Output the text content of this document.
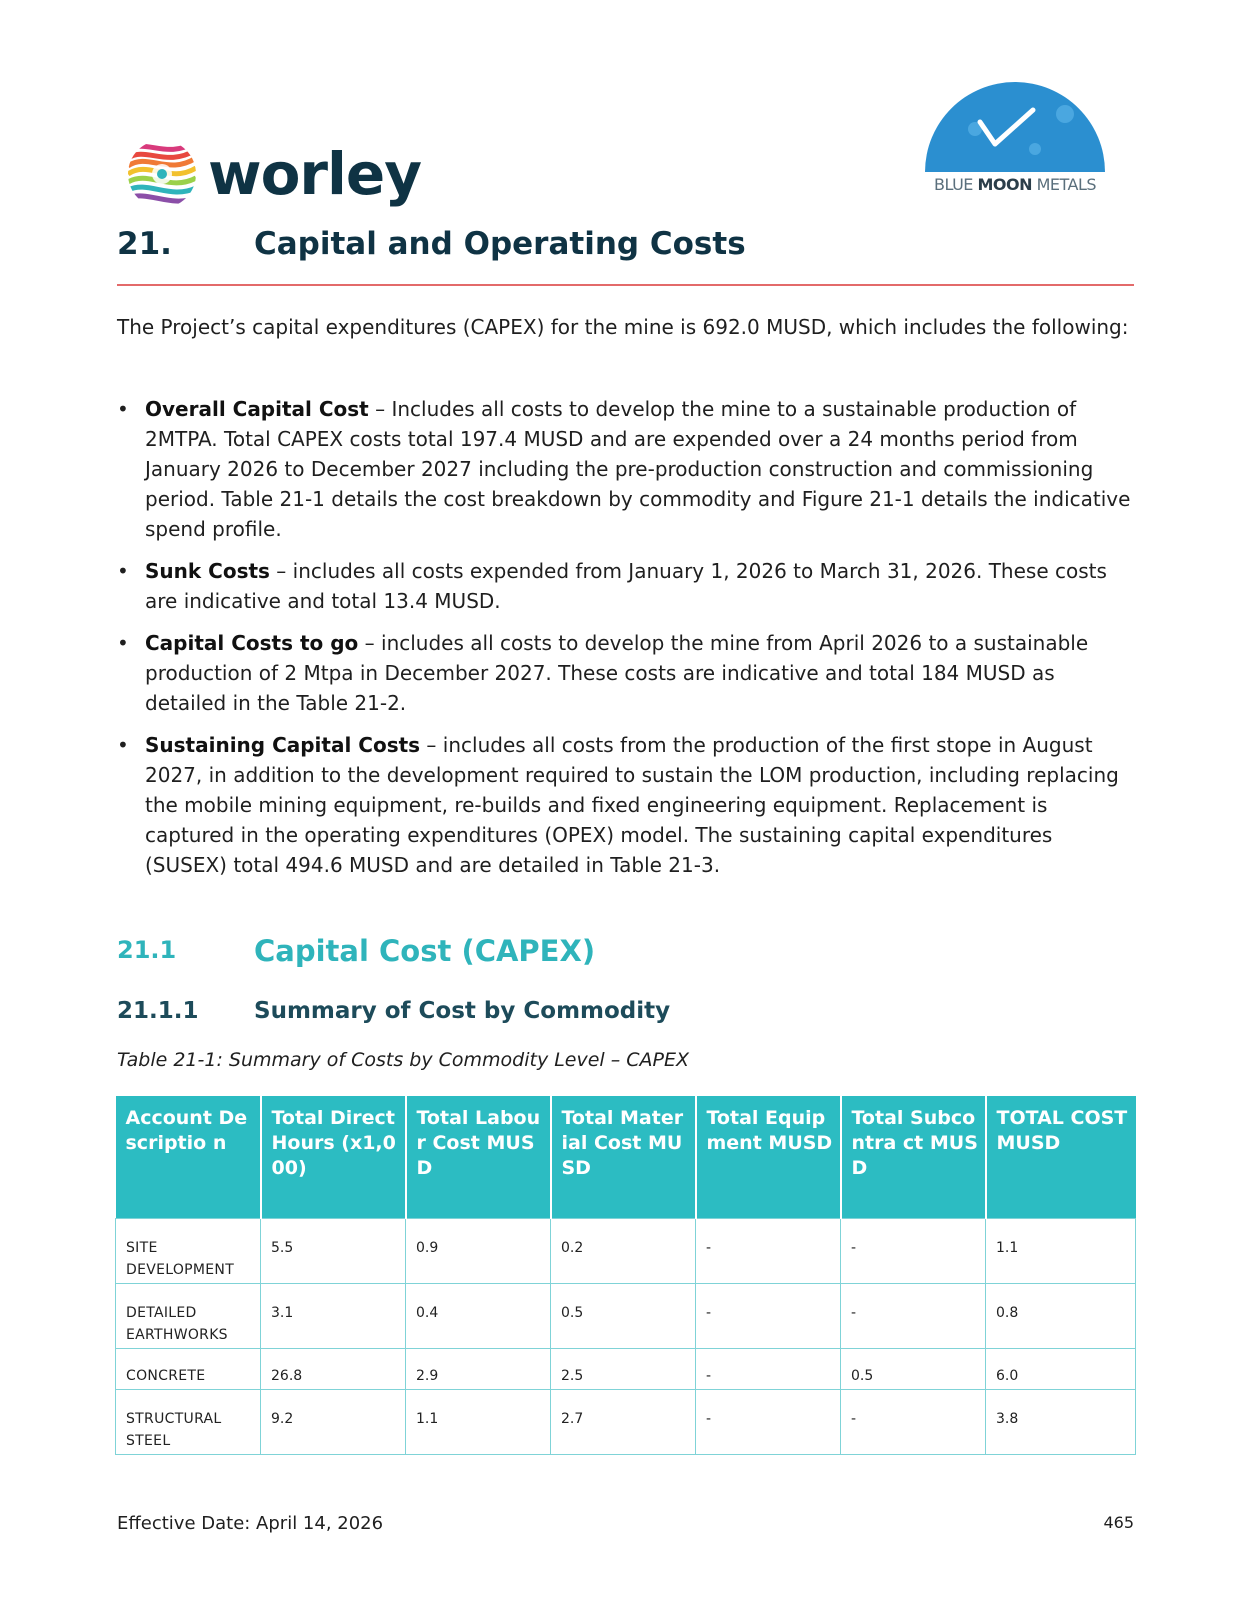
worley	BLUE MOON METALS
21.	Capital and Operating Costs
The Project’s capital expenditures (CAPEX) for the mine is 692.0 MUSD, which includes the following:
• Overall Capital Cost – Includes all costs to develop the mine to a sustainable production of 2MTPA. Total CAPEX costs total 197.4 MUSD and are expended over a 24 months period from January 2026 to December 2027 including the pre-production construction and commissioning period. Table 21-1 details the cost breakdown by commodity and Figure 21-1 details the indicative spend profile.
• Sunk Costs – includes all costs expended from January 1, 2026 to March 31, 2026. These costs are indicative and total 13.4 MUSD.
• Capital Costs to go – includes all costs to develop the mine from April 2026 to a sustainable production of 2 Mtpa in December 2027. These costs are indicative and total 184 MUSD as detailed in the Table 21-2.
• Sustaining Capital Costs – includes all costs from the production of the first stope in August 2027, in addition to the development required to sustain the LOM production, including replacing the mobile mining equipment, re-builds and fixed engineering equipment. Replacement is captured in the operating expenditures (OPEX) model. The sustaining capital expenditures (SUSEX) total 494.6 MUSD and are detailed in Table 21-3.
21.1	Capital Cost (CAPEX)
21.1.1 Summary of Cost by Commodity
Table 21-1: Summary of Costs by Commodity Level – CAPEX
Account Descriptio n	Total Direct Hours (x1,000)	Total Labour Cost MUSD	Total Material Cost MUSD	Total Equipment MUSD	Total Subcontra ct MUSD	TOTAL COST MUSD
SITE DEVELOPMENT	5.5	0.9	0.2	-	-	1.1
DETAILED EARTHWORKS	3.1	0.4	0.5	-	-	0.8
CONCRETE	26.8	2.9	2.5	-	0.5	6.0
STRUCTURAL STEEL	9.2	1.1	2.7	-	-	3.8
Effective Date: April 14, 2026	465
